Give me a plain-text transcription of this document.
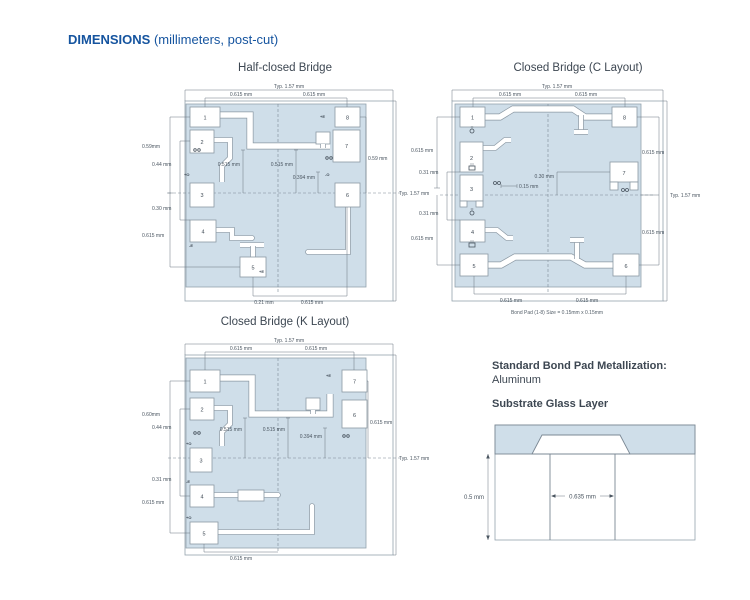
DIMENSIONS (millimeters, post-cut)
Half-closed Bridge	Closed Bridge (C Layout)
Closed Bridge (K Layout)
1
2
3
4
5
8
7
6
+O
-E
+E
+E
-O
Typ. 1.57 mm
0.615 mm	0.615 mm
0.59mm
0.44 mm
0.30 mm
0.615 mm
0.515 mm	0.515 mm
0.394 mm
0.59 mm
Typ. 1.57 mm
0.21 mm	0.615 mm
1	8
2
3
4
5	6
7
Typ. 1.57 mm
0.615 mm	0.615 mm
0.615 mm
0.31 mm
0.31 mm
0.615 mm
0.15 mm
0.30 mm
0.615 mm
Typ. 1.57 mm
0.615 mm
0.615 mm	0.615 mm
Bond Pad (1-8) Size = 0.15mm x 0.15mm
1
2
3
4
5
7
6
+E
+O
-E
+O
Typ. 1.57 mm
0.615 mm	0.615 mm
0.60mm
0.44 mm
0.31 mm
0.615 mm
0.515 mm	0.515 mm
0.394 mm
0.615 mm
Typ. 1.57 mm
0.615 mm
Standard Bond Pad Metallization:
Aluminum
Substrate Glass Layer
0.5 mm	0.635 mm
